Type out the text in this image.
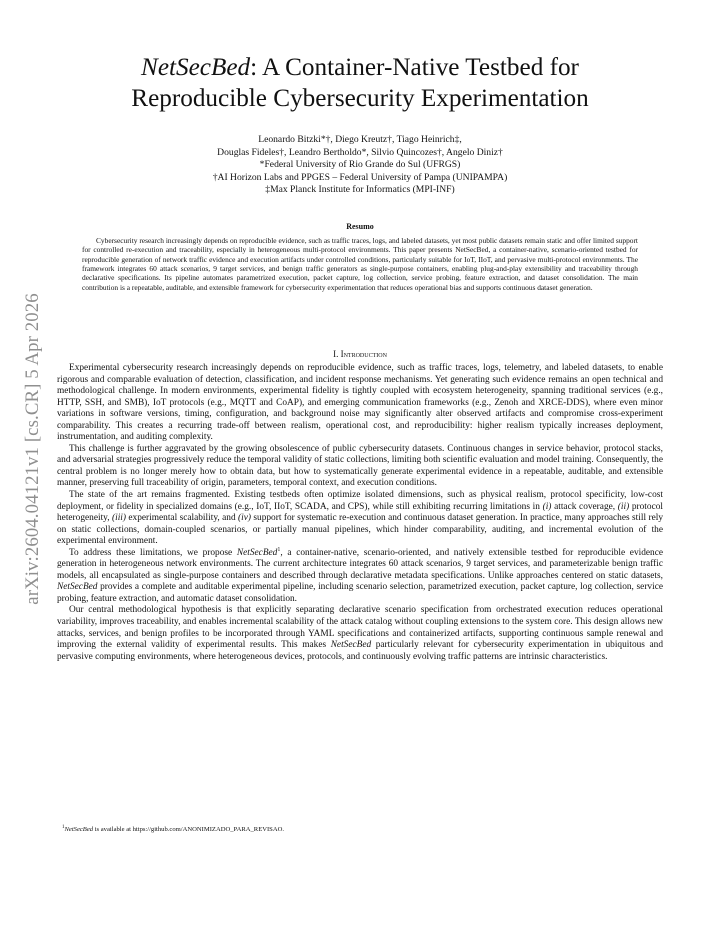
arXiv:2604.04121v1 [cs.CR] 5 Apr 2026
NetSecBed: A Container-Native Testbed for
Reproducible Cybersecurity Experimentation
Leonardo Bitzki*†, Diego Kreutz†, Tiago Heinrich‡,
Douglas Fideles†, Leandro Bertholdo*, Silvio Quincozes†, Angelo Diniz†
*Federal University of Rio Grande do Sul (UFRGS)
†AI Horizon Labs and PPGES – Federal University of Pampa (UNIPAMPA)
‡Max Planck Institute for Informatics (MPI-INF)
Resumo

Cybersecurity research increasingly depends on reproducible evidence, such as traffic traces, logs, and labeled datasets, yet most public datasets remain static and offer limited support for controlled re-execution and traceability, especially in heterogeneous multi-protocol environments. This paper presents NetSecBed, a container-native, scenario-oriented testbed for reproducible generation of network traffic evidence and execution artifacts under controlled conditions, particularly suitable for IoT, IIoT, and pervasive multi-protocol environments. The framework integrates 60 attack scenarios, 9 target services, and benign traffic generators as single-purpose containers, enabling plug-and-play extensibility and traceability through declarative specifications. Its pipeline automates parametrized execution, packet capture, log collection, service probing, feature extraction, and dataset consolidation. The main contribution is a repeatable, auditable, and extensible framework for cybersecurity experimentation that reduces operational bias and supports continuous dataset generation.

I. Introduction

Experimental cybersecurity research increasingly depends on reproducible evidence, such as traffic traces, logs, telemetry, and labeled datasets, to enable rigorous and comparable evaluation of detection, classification, and incident response mechanisms. Yet generating such evidence remains an open technical and methodological challenge. In modern environments, experimental fidelity is tightly coupled with ecosystem heterogeneity, spanning traditional services (e.g., HTTP, SSH, and SMB), IoT protocols (e.g., MQTT and CoAP), and emerging communication frameworks (e.g., Zenoh and XRCE-DDS), where even minor variations in software versions, timing, configuration, and background noise may significantly alter observed artifacts and compromise cross-experiment comparability. This creates a recurring trade-off between realism, operational cost, and reproducibility: higher realism typically increases deployment, instrumentation, and auditing complexity.

This challenge is further aggravated by the growing obsolescence of public cybersecurity datasets. Continuous changes in service behavior, protocol stacks, and adversarial strategies progressively reduce the temporal validity of static collections, limiting both scientific evaluation and model training. Consequently, the central problem is no longer merely how to obtain data, but how to systematically generate experimental evidence in a repeatable, auditable, and extensible manner, preserving full traceability of origin, parameters, temporal context, and execution conditions.

The state of the art remains fragmented. Existing testbeds often optimize isolated dimensions, such as physical realism, protocol specificity, low-cost deployment, or fidelity in specialized domains (e.g., IoT, IIoT, SCADA, and CPS), while still exhibiting recurring limitations in (i) attack coverage, (ii) protocol heterogeneity, (iii) experimental scalability, and (iv) support for systematic re-execution and continuous dataset generation. In practice, many approaches still rely on static collections, domain-coupled scenarios, or partially manual pipelines, which hinder comparability, auditing, and incremental evolution of the experimental environment.

To address these limitations, we propose NetSecBed$^1$, a container-native, scenario-oriented, and natively extensible testbed for reproducible evidence generation in heterogeneous network environments. The current architecture integrates 60 attack scenarios, 9 target services, and parameterizable benign traffic models, all encapsulated as single-purpose containers and described through declarative metadata specifications. Unlike approaches centered on static datasets, NetSecBed provides a complete and auditable experimental pipeline, including scenario selection, parametrized execution, packet capture, log collection, service probing, feature extraction, and automatic dataset consolidation.

Our central methodological hypothesis is that explicitly separating declarative scenario specification from orchestrated execution reduces operational variability, improves traceability, and enables incremental scalability of the attack catalog without coupling extensions to the system core. This design allows new attacks, services, and benign profiles to be incorporated through YAML specifications and containerized artifacts, supporting continuous sample renewal and improving the external validity of experimental results. This makes NetSecBed particularly relevant for cybersecurity experimentation in ubiquitous and pervasive computing environments, where heterogeneous devices, protocols, and continuously evolving traffic patterns are intrinsic characteristics.

$^1$NetSecBed is available at https://github.com/ANONIMIZADO_PARA_REVISAO.
